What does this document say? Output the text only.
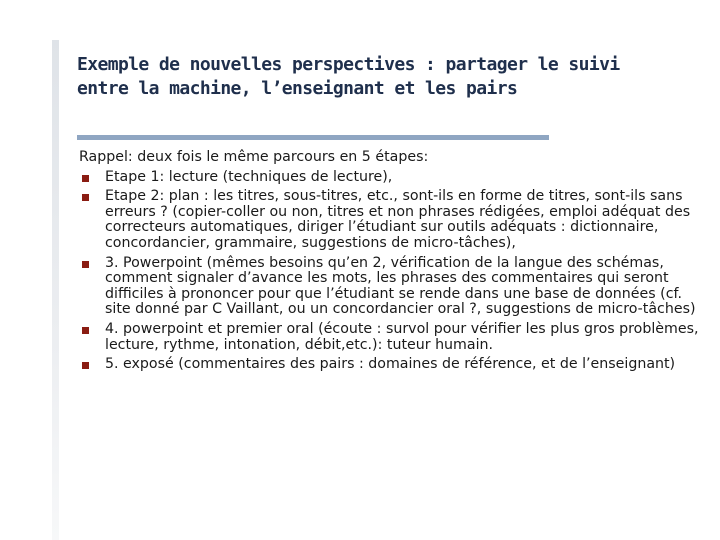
Exemple de nouvelles perspectives : partager le suivi
entre la machine, l’enseignant et les pairs

Rappel: deux fois le même parcours en 5 étapes:

Etape 1: lecture (techniques de lecture),
Etape 2: plan : les titres, sous-titres, etc., sont-ils en forme de titres, sont-ils sans erreurs ? (copier-coller ou non, titres et non phrases rédigées, emploi adéquat des correcteurs automatiques, diriger l’étudiant sur outils adéquats : dictionnaire, concordancier, grammaire, suggestions de micro-tâches),
3. Powerpoint (mêmes besoins qu’en 2, vérification de la langue des schémas, comment signaler d’avance les mots, les phrases des commentaires qui seront difficiles à prononcer pour que l’étudiant se rende dans une base de données (cf. site donné par C Vaillant, ou un concordancier oral ?, suggestions de micro-tâches)
4. powerpoint et premier oral (écoute : survol pour vérifier les plus gros problèmes, lecture, rythme, intonation, débit,etc.): tuteur humain.
5. exposé (commentaires des pairs : domaines de référence, et de l’enseignant)
